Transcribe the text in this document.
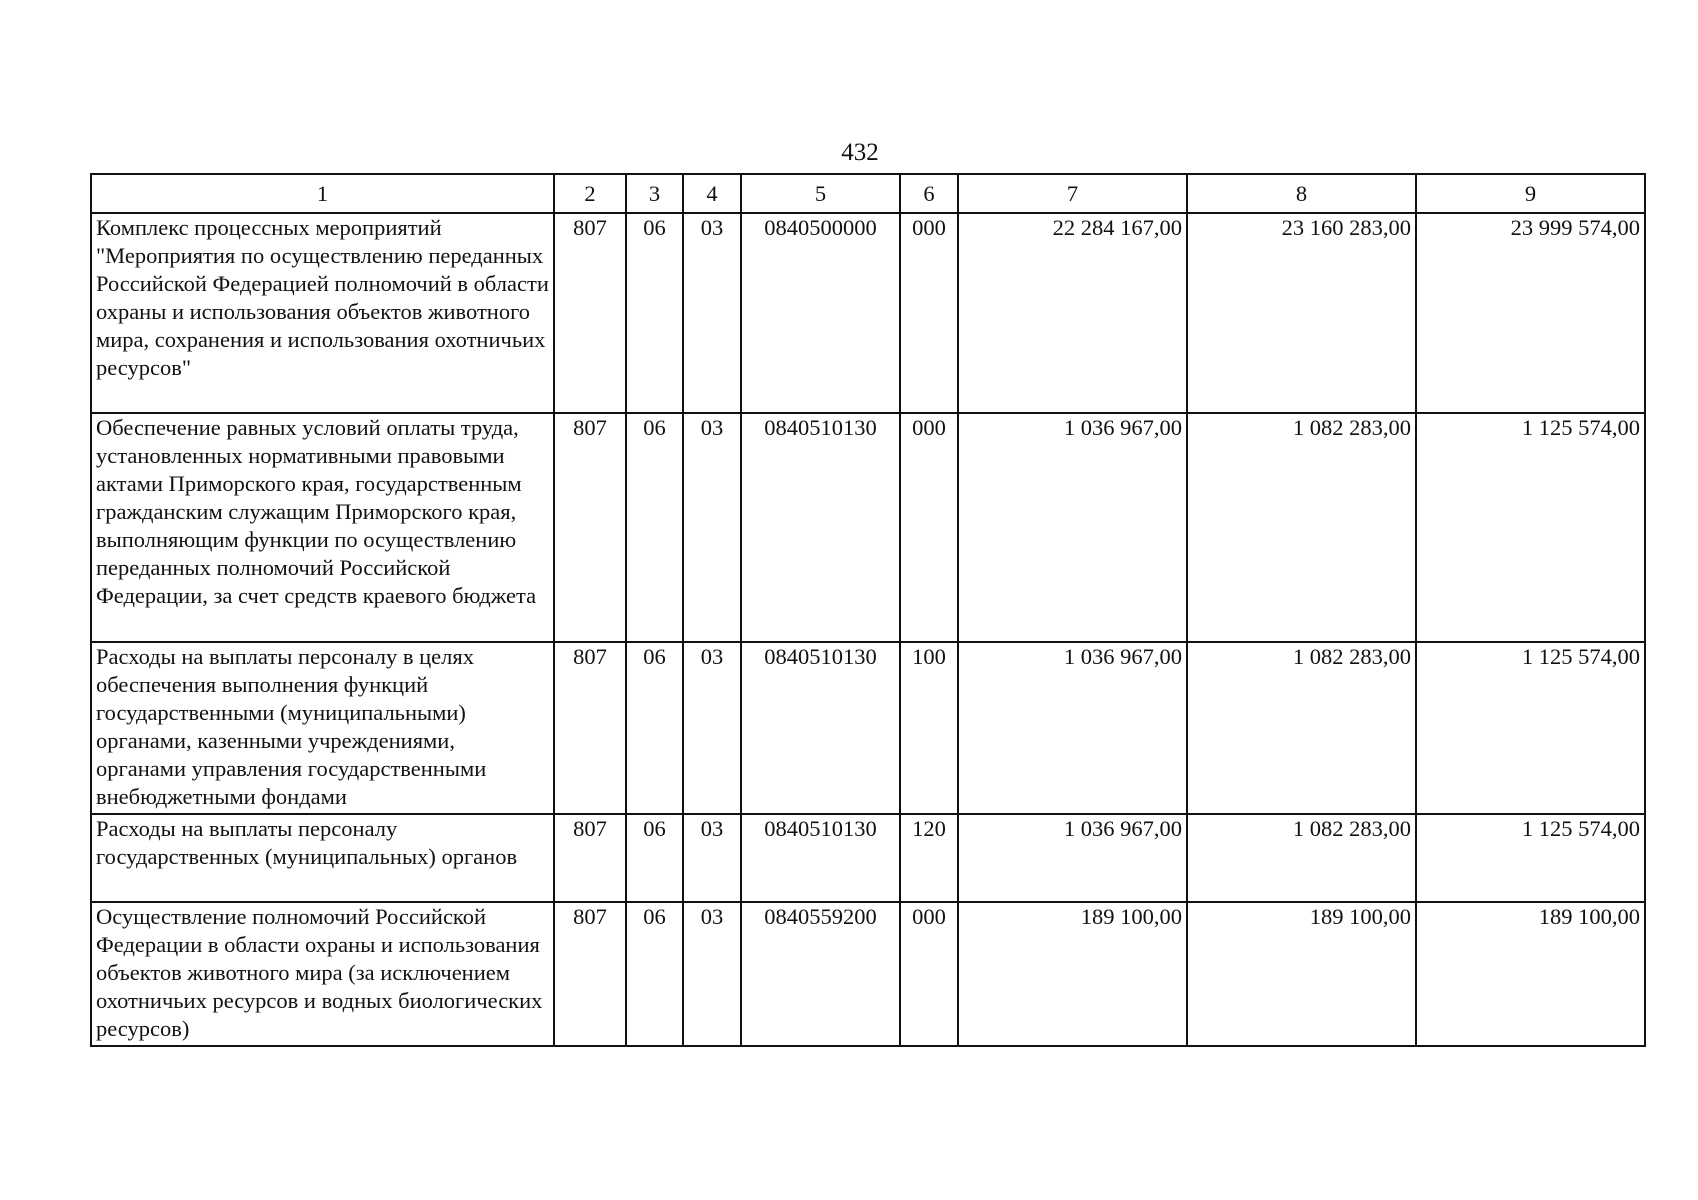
432
1	2	3	4	5	6	7	8	9
Комплекс процессных мероприятий "Мероприятия по осуществлению переданных Российской Федерацией полномочий в области охраны и использования объектов животного мира, сохранения и использования охотничьих ресурсов"	807	06	03	0840500000	000	22 284 167,00	23 160 283,00	23 999 574,00
Обеспечение равных условий оплаты труда, установленных нормативными правовыми актами Приморского края, государственным гражданским служащим Приморского края, выполняющим функции по осуществлению переданных полномочий Российской Федерации, за счет средств краевого бюджета	807	06	03	0840510130	000	1 036 967,00	1 082 283,00	1 125 574,00
Расходы на выплаты персоналу в целях обеспечения выполнения функций государственными (муниципальными) органами, казенными учреждениями, органами управления государственными внебюджетными фондами	807	06	03	0840510130	100	1 036 967,00	1 082 283,00	1 125 574,00
Расходы на выплаты персоналу государственных (муниципальных) органов	807	06	03	0840510130	120	1 036 967,00	1 082 283,00	1 125 574,00
Осуществление полномочий Российской Федерации в области охраны и использования объектов животного мира (за исключением охотничьих ресурсов и водных биологических ресурсов)	807	06	03	0840559200	000	189 100,00	189 100,00	189 100,00
